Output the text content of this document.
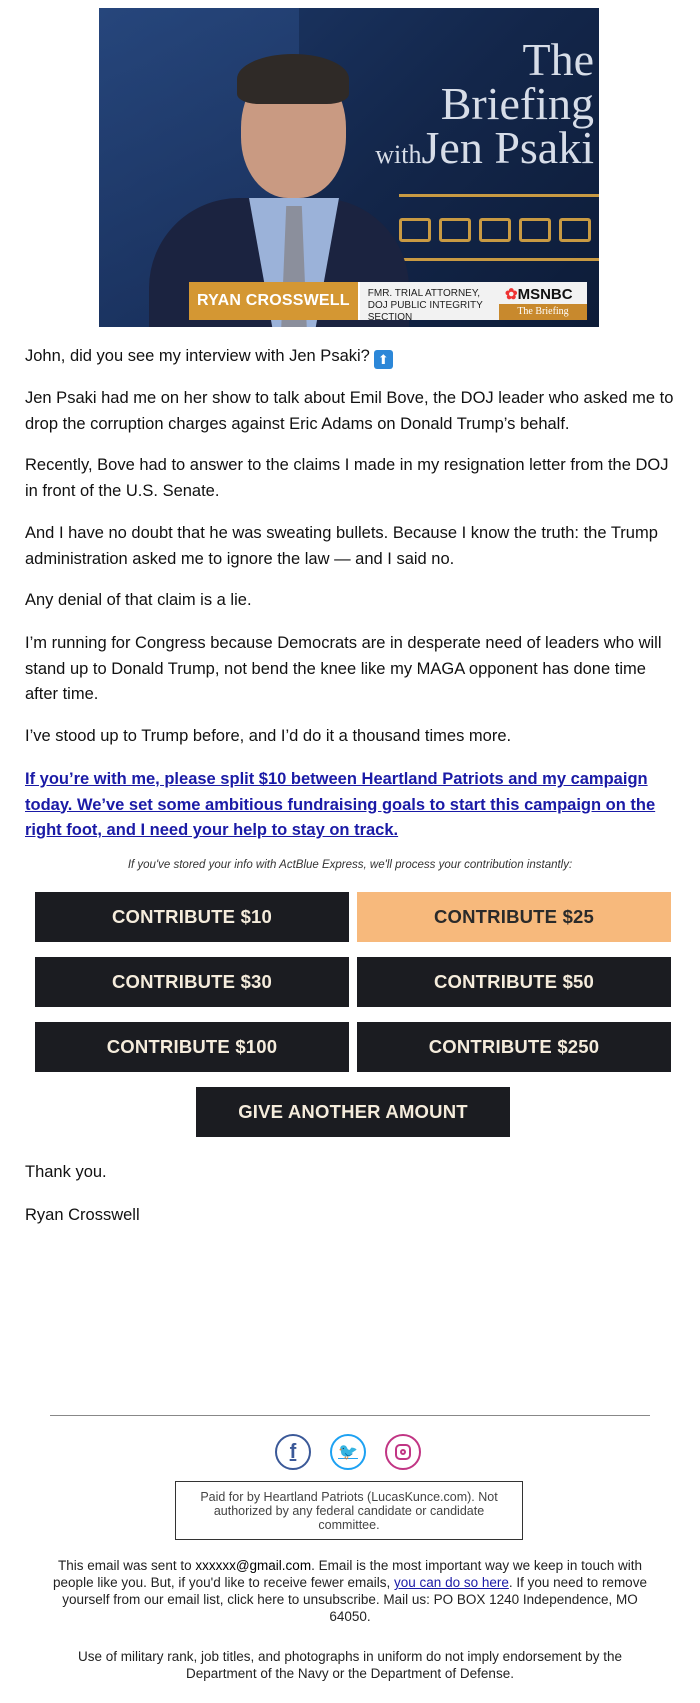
The Briefing
withJen Psaki
RYAN CROSSWELL	FMR. TRIAL ATTORNEY,
DOJ PUBLIC INTEGRITY SECTION
✿MSNBC
The Briefing

John, did you see my interview with Jen Psaki? ⬆

Jen Psaki had me on her show to talk about Emil Bove, the DOJ leader who asked me to drop the corruption charges against Eric Adams on Donald Trump’s behalf.

Recently, Bove had to answer to the claims I made in my resignation letter from the DOJ in front of the U.S. Senate.

And I have no doubt that he was sweating bullets. Because I know the truth: the Trump administration asked me to ignore the law — and I said no.

Any denial of that claim is a lie.

I’m running for Congress because Democrats are in desperate need of leaders who will stand up to Donald Trump, not bend the knee like my MAGA opponent has done time after time.

I’ve stood up to Trump before, and I’d do it a thousand times more.

If you’re with me, please split $10 between Heartland Patriots and my campaign today. We’ve set some ambitious fundraising goals to start this campaign on the right foot, and I need your help to stay on track.
If you've stored your info with ActBlue Express, we'll process your contribution instantly:
CONTRIBUTE $10	CONTRIBUTE $25
CONTRIBUTE $30	CONTRIBUTE $50
CONTRIBUTE $100	CONTRIBUTE $250
GIVE ANOTHER AMOUNT
Thank you.
Ryan Crosswell
f	🐦
Paid for by Heartland Patriots (LucasKunce.com). Not authorized by any federal candidate or candidate committee.

This email was sent to xxxxxx@gmail.com. Email is the most important way we keep in touch with people like you. But, if you'd like to receive fewer emails, you can do so here. If you need to remove yourself from our email list, click here to unsubscribe. Mail us: PO BOX 1240 Independence, MO 64050.

Use of military rank, job titles, and photographs in uniform do not imply endorsement by the Department of the Navy or the Department of Defense.
